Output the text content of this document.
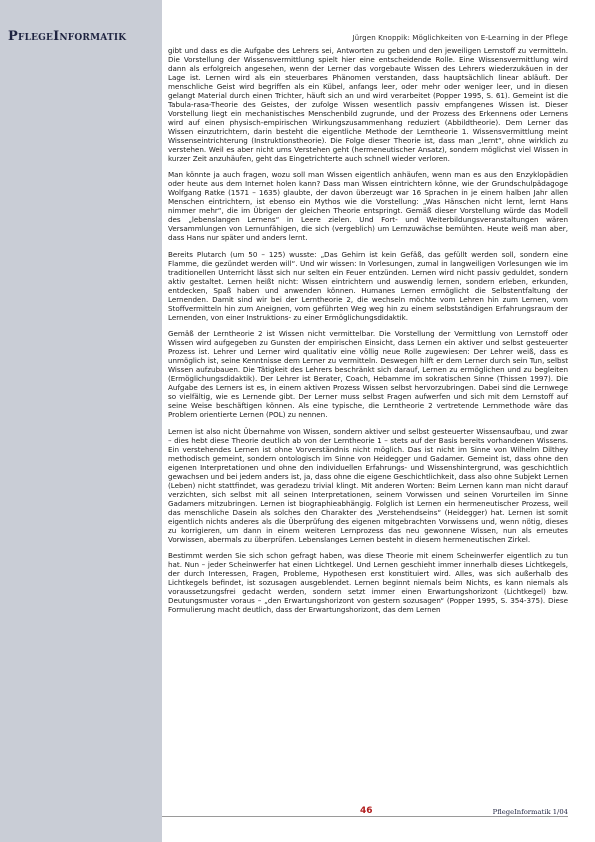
PflegeInformatik	Jürgen Knoppik: Möglichkeiten von E-Learning in der Pflege

gibt und dass es die Aufgabe des Lehrers sei, Antworten zu geben und den jeweiligen Lernstoff zu vermitteln. Die Vorstellung der Wissensvermittlung spielt hier eine entscheidende Rolle. Eine Wissensvermittlung wird dann als erfolgreich angesehen, wenn der Lerner das vorgebaute Wissen des Lehrers wiederzukäuen in der Lage ist. Lernen wird als ein steuerbares Phänomen verstanden, dass hauptsächlich linear abläuft. Der menschliche Geist wird begriffen als ein Kübel, anfangs leer, oder mehr oder weniger leer, und in diesen gelangt Material durch einen Trichter, häuft sich an und wird verarbeitet (Popper 1995, S. 61). Gemeint ist die Tabula-rasa-Theorie des Geistes, der zufolge Wissen wesentlich passiv empfangenes Wissen ist. Dieser Vorstellung liegt ein mechanistisches Menschenbild zugrunde, und der Prozess des Erkennens oder Lernens wird auf einen physisch-empirischen Wirkungszusammenhang reduziert (Abbildtheorie). Dem Lerner das Wissen einzutrichtern, darin besteht die eigentliche Methode der Lerntheorie 1. Wissensvermittlung meint Wissenseintrichterung (Instruktionstheorie). Die Folge dieser Theorie ist, dass man „lernt“, ohne wirklich zu verstehen. Weil es aber nicht ums Verstehen geht (hermeneutischer Ansatz), sondern möglichst viel Wissen in kurzer Zeit anzuhäufen, geht das Eingetrichterte auch schnell wieder verloren.

Man könnte ja auch fragen, wozu soll man Wissen eigentlich anhäufen, wenn man es aus den Enzyklopädien oder heute aus dem Internet holen kann? Dass man Wissen eintrichtern könne, wie der Grundschulpädagoge Wolfgang Ratke (1571 – 1635) glaubte, der davon überzeugt war 16 Sprachen in je einem halben Jahr allen Menschen eintrichtern, ist ebenso ein Mythos wie die Vorstellung: „Was Hänschen nicht lernt, lernt Hans nimmer mehr“, die im Übrigen der gleichen Theorie entspringt. Gemäß dieser Vorstellung würde das Modell des „lebenslangen Lernens“ in Leere zielen. Und Fort- und Weiterbildungsveranstaltungen wären Versammlungen von Lernunfähigen, die sich (vergeblich) um Lernzuwächse bemühten. Heute weiß man aber, dass Hans nur später und anders lernt.

Bereits Plutarch (um 50 – 125) wusste: „Das Gehirn ist kein Gefäß, das gefüllt werden soll, sondern eine Flamme, die gezündet werden will“. Und wir wissen: In Vorlesungen, zumal in langweiligen Vorlesungen wie im traditionellen Unterricht lässt sich nur selten ein Feuer entzünden. Lernen wird nicht passiv geduldet, sondern aktiv gestaltet. Lernen heißt nicht: Wissen eintrichtern und auswendig lernen, sondern erleben, erkunden, entdecken, Spaß haben und anwenden können. Humanes Lernen ermöglicht die Selbstentfaltung der Lernenden. Damit sind wir bei der Lerntheorie 2, die wechseln möchte vom Lehren hin zum Lernen, vom Stoffvermitteln hin zum Aneignen, vom geführten Weg weg hin zu einem selbstständigen Erfahrungsraum der Lernenden, von einer Instruktions- zu einer Ermöglichungsdidaktik.

Gemäß der Lerntheorie 2 ist Wissen nicht vermittelbar. Die Vorstellung der Vermittlung von Lernstoff oder Wissen wird aufgegeben zu Gunsten der empirischen Einsicht, dass Lernen ein aktiver und selbst gesteuerter Prozess ist. Lehrer und Lerner wird qualitativ eine völlig neue Rolle zugewiesen: Der Lehrer weiß, dass es unmöglich ist, seine Kenntnisse dem Lerner zu vermitteln. Deswegen hilft er dem Lerner durch sein Tun, selbst Wissen aufzubauen. Die Tätigkeit des Lehrers beschränkt sich darauf, Lernen zu ermöglichen und zu begleiten (Ermöglichungsdidaktik). Der Lehrer ist Berater, Coach, Hebamme im sokratischen Sinne (Thissen 1997). Die Aufgabe des Lerners ist es, in einem aktiven Prozess Wissen selbst hervorzubringen. Dabei sind die Lernwege so vielfältig, wie es Lernende gibt. Der Lerner muss selbst Fragen aufwerfen und sich mit dem Lernstoff auf seine Weise beschäftigen können. Als eine typische, die Lerntheorie 2 vertretende Lernmethode wäre das Problem orientierte Lernen (POL) zu nennen.

Lernen ist also nicht Übernahme von Wissen, sondern aktiver und selbst gesteuerter Wissensaufbau, und zwar – dies hebt diese Theorie deutlich ab von der Lerntheorie 1 – stets auf der Basis bereits vorhandenen Wissens. Ein verstehendes Lernen ist ohne Vorverständnis nicht möglich. Das ist nicht im Sinne von Wilhelm Dilthey methodisch gemeint, sondern ontologisch im Sinne von Heidegger und Gadamer. Gemeint ist, dass ohne den eigenen Interpretationen und ohne den individuellen Erfahrungs- und Wissenshintergrund, was geschichtlich gewachsen und bei jedem anders ist, ja, dass ohne die eigene Geschichtlichkeit, dass also ohne Subjekt Lernen (Leben) nicht stattfindet, was geradezu trivial klingt. Mit anderen Worten: Beim Lernen kann man nicht darauf verzichten, sich selbst mit all seinen Interpretationen, seinem Vorwissen und seinen Vorurteilen im Sinne Gadamers mitzubringen. Lernen ist biographieabhängig. Folglich ist Lernen ein hermeneutischer Prozess, weil das menschliche Dasein als solches den Charakter des „Verstehendseins“ (Heidegger) hat. Lernen ist somit eigentlich nichts anderes als die Überprüfung des eigenen mitgebrachten Vorwissens und, wenn nötig, dieses zu korrigieren, um dann in einem weiteren Lernprozess das neu gewonnene Wissen, nun als erneutes Vorwissen, abermals zu überprüfen. Lebenslanges Lernen besteht in diesem hermeneutischen Zirkel.

Bestimmt werden Sie sich schon gefragt haben, was diese Theorie mit einem Scheinwerfer eigentlich zu tun hat. Nun – jeder Scheinwerfer hat einen Lichtkegel. Und Lernen geschieht immer innerhalb dieses Lichtkegels, der durch Interessen, Fragen, Probleme, Hypothesen erst konstituiert wird. Alles, was sich außerhalb des Lichtkegels befindet, ist sozusagen ausgeblendet. Lernen beginnt niemals beim Nichts, es kann niemals als voraussetzungsfrei gedacht werden, sondern setzt immer einen Erwartungshorizont (Lichtkegel) bzw. Deutungsmuster voraus – „den Erwartungshorizont von gestern sozusagen“ (Popper 1995, S. 354-375). Diese Formulierung macht deutlich, dass der Erwartungshorizont, das dem Lernen

46	PflegeInformatik 1/04
